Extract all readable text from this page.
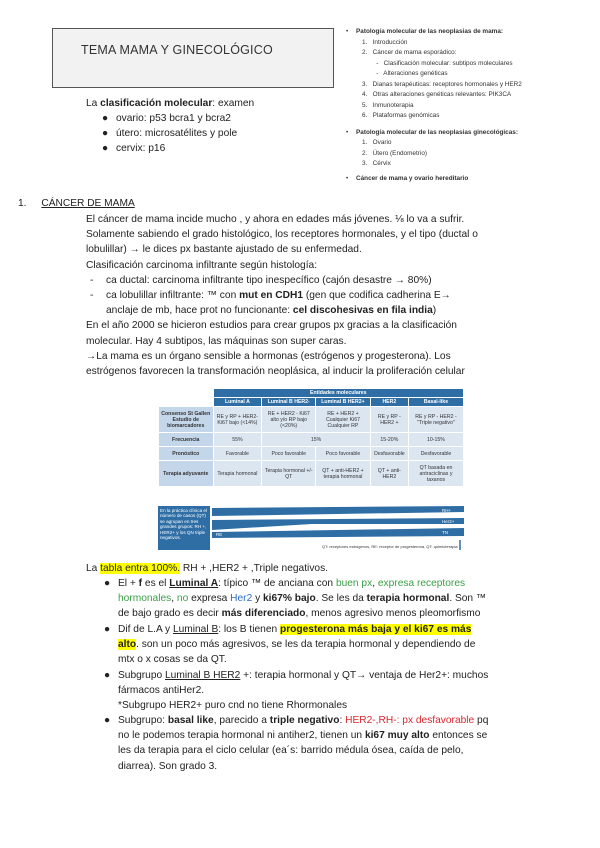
TEMA MAMA Y GINECOLÓGICO
La clasificación molecular: examen
● ovario: p53 bcra1 y bcra2
● útero: microsatélites y pole
● cervix: p16
• Patología molecular de las neoplasias de mama:
1.   Introducción
2.   Cáncer de mama esporádico:
-   Clasificación molecular: subtipos moleculares
-   Alteraciones genéticas
3.   Dianas terapéuticas: receptores hormonales y HER2
4.   Otras alteraciones genéticas relevantes: PIK3CA
5.   Inmunoterapia
6.   Plataformas genómicas
• Patología molecular de las neoplasias ginecológicas:
1.   Ovario
2.   Útero (Endometrio)
3.   Cérvix
• Cáncer de mama y ovario hereditario
1. CÁNCER DE MAMA
El cáncer de mama incide mucho , y ahora en edades más jóvenes. ⅛ lo va a sufrir.
Solamente sabiendo el grado histológico, los receptores hormonales, y el tipo (ductal o
lobulillar) → le dices px bastante ajustado de su enfermedad.
Clasificación carcinoma infiltrante según histología:
- ca ductal: carcinoma infiltrante tipo inespecífico (cajón desastre → 80%)
- ca lobulillar infiltrante: ™ con mut en CDH1 (gen que codifica cadherina E→
anclaje de mb, hace prot no funcionante: cel discohesivas en fila india)
En el año 2000 se hicieron estudios para crear grupos px gracias a la clasificación
molecular. Hay 4 subtipos, las máquinas son super caras.
→La mama es un órgano sensible a hormonas (estrógenos y progesterona). Los
estrógenos favorecen la transformación neoplásica, al inducir la proliferación celular
	Entidades moleculares				
	Luminal A	Luminal B HER2-	Luminal B HER2+	HER2	Basal-like
Consenso St Gallen Estudio de biomarcadores	RE y RP + HER2- Ki67 bajo (<14%)	RE + HER2 - Ki67 alto y/o RP bajo (<20%)	RE + HER2 + Cualquier Ki67 Cualquier RP	RE y RP - HER2 +	RE y RP - HER2 - "Triple negativo"
Frecuencia	55%	15%		15-20%	10-15%
Pronóstico	Favorable	Poco favorable	Poco favorable	Desfavorable	Desfavorable
Terapia adyuvante	Terapia hormonal	Terapia hormonal +/- QT	QT + anti-HER2 + terapia hormonal	QT + anti-HER2	QT basada en antraciclinas y taxanos
En la práctica clínica el número de casos (QT) se agrupan en tres grandes grupos: RH +, HER2+ y los QN triple negativos.
RH+
Her2+
TN
RE
QT: receptores estrógenos, RE: receptor de progesterona, QT: quimioterapia
La tabla entra 100%. RH + ,HER2 + ,Triple negativos.
● El + f es el Luminal A: típico ™ de anciana con buen px, expresa receptores
hormonales, no expresa Her2 y ki67% bajo. Se les da terapia hormonal. Son ™
de bajo grado es decir más diferenciado, menos agresivo menos pleomorfismo
● Dif de L.A y Luminal B: los B tienen progesterona más baja y el ki67 es más
alto. son un poco más agresivos, se les da terapia hormonal y dependiendo de
mtx o x cosas se da QT.
● Subgrupo Luminal B HER2 +: terapia hormonal y QT→ ventaja de Her2+: muchos
fármacos antiHer2.
*Subgrupo HER2+ puro cnd no tiene Rhormonales
● Subgrupo: basal like, parecido a triple negativo: HER2-,RH-: px desfavorable pq
no le podemos terapia hormonal ni antiher2, tienen un ki67 muy alto entonces se
les da terapia para el ciclo celular (ea´s: barrido médula ósea, caída de pelo,
diarrea). Son grado 3.
